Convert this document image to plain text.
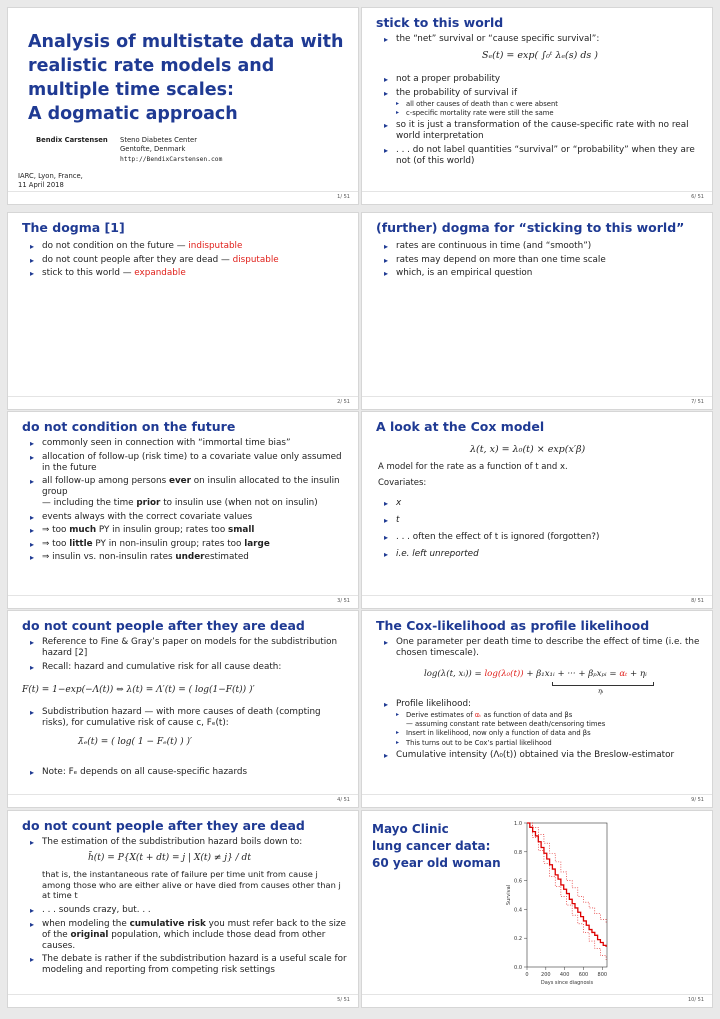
Analysis of multistate data with
realistic rate models and
multiple time scales:
A dogmatic approach
Bendix Carstensen Steno Diabetes Center
Gentofte, Denmark
http://BendixCarstensen.com
IARC, Lyon, France,
11 April 2018
1/ 51
stick to this world
▸ the “net” survival or “cause specific survival”:
Sₑ(t) = exp( ∫₀ᵗ λₑ(s) ds )
▸ not a proper probability
▸ the probability of survival if
▸ all other causes of death than c were absent
▸ c-specific mortality rate were still the same
▸ so it is just a transformation of the cause-specific rate with no real world interpretation
▸ . . . do not label quantities “survival” or “probability” when they are not (of this world)
6/ 51
The dogma [1]
▸ do not condition on the future — indisputable
▸ do not count people after they are dead — disputable
▸ stick to this world — expandable
2/ 51
(further) dogma for “sticking to this world”
▸ rates are continuous in time (and “smooth”)
▸ rates may depend on more than one time scale
▸ which, is an empirical question
7/ 51
do not condition on the future
▸ commonly seen in connection with “immortal time bias”
▸ allocation of follow-up (risk time) to a covariate value only assumed in the future
▸ all follow-up among persons ever on insulin allocated to the insulin group
— including the time prior to insulin use (when not on insulin)
▸ events always with the correct covariate values
▸ ⇒ too much PY in insulin group; rates too small
▸ ⇒ too little PY in non-insulin group; rates too large
▸ ⇒ insulin vs. non-insulin rates underestimated
3/ 51
A look at the Cox model
λ(t, x) = λ₀(t) × exp(x′β)
A model for the rate as a function of t and x.
Covariates:
▸ x
▸ t
▸ . . . often the effect of t is ignored (forgotten?)
▸ i.e. left unreported
8/ 51
do not count people after they are dead
▸ Reference to Fine & Gray’s paper on models for the subdistribution hazard [2]
▸ Recall: hazard and cumulative risk for all cause death:
F(t) = 1−exp(−Λ(t)) ⇔ λ(t) = Λ′(t) = ( log(1−F(t)) )′
▸ Subdistribution hazard — with more causes of death (compting risks), for cumulative risk of cause c, Fₑ(t):
λ̃ₑ(t) = ( log( 1 − Fₑ(t) ) )′
▸ Note: Fₑ depends on all cause-specific hazards
4/ 51
The Cox-likelihood as profile likelihood
▸ One parameter per death time to describe the effect of time (i.e. the chosen timescale).
log(λ(t, xᵢ)) = log(λ₀(t)) + β₁x₁ᵢ + ··· + βₚxₚᵢ = αₜ + ηᵢ
ηᵢ
▸ Profile likelihood:
▸ Derive estimates of αₜ as function of data and βs
— assuming constant rate between death/censoring times
▸ Insert in likelihood, now only a function of data and βs
▸ This turns out to be Cox’s partial likelihood
▸ Cumulative intensity (Λ₀(t)) obtained via the Breslow-estimator
9/ 51
do not count people after they are dead
▸ The estimation of the subdistribution hazard boils down to:
h̃(t) = P{X(t + dt) = j | X(t) ≠ j} / dt
that is, the instantaneous rate of failure per time unit from cause j among those who are either alive or have died from causes other than j at time t
▸ . . . sounds crazy, but. . .
▸ when modeling the cumulative risk you must refer back to the size of the original population, which include those dead from other causes.
▸ The debate is rather if the subdistribution hazard is a useful scale for modeling and reporting from competing risk settings
5/ 51
Mayo Clinic
lung cancer data:
60 year old woman
0.0
0.2
0.4
0.6
0.8
1.0
0 200 400 600 800
Days since diagnosis
Survival
10/ 51
